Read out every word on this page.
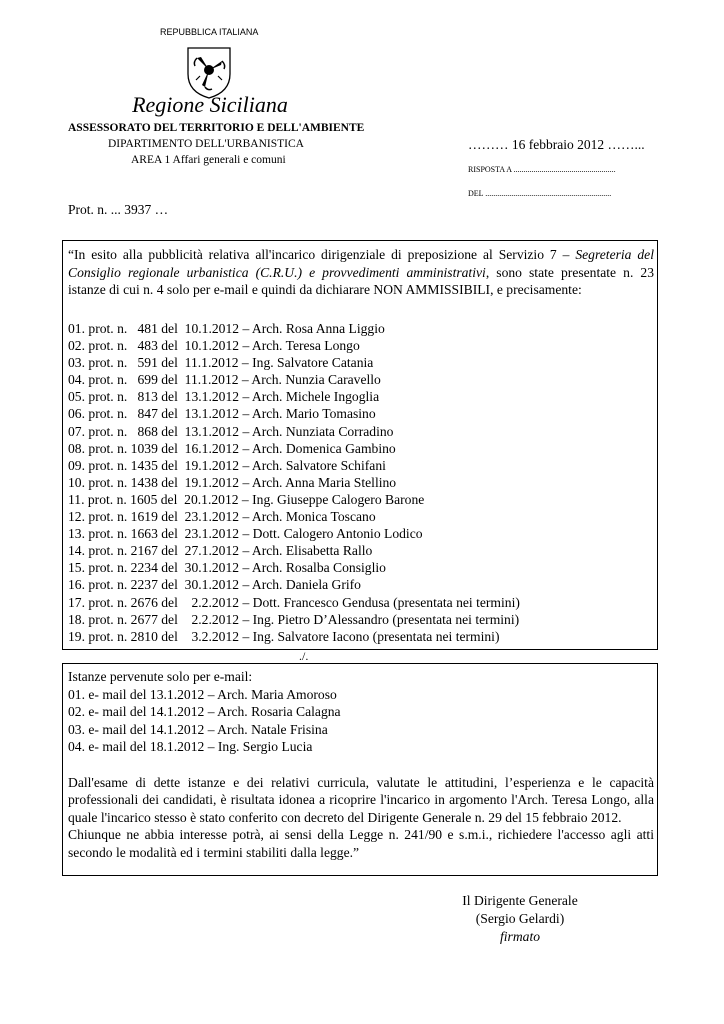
REPUBBLICA ITALIANA
Regione Siciliana
ASSESSORATO DEL TERRITORIO E DELL'AMBIENTE
DIPARTIMENTO DELL'URBANISTICA
AREA 1 Affari generali e comuni
……… 16 febbraio 2012 ……...
RISPOSTA A ...................................................
DEL ...............................................................
Prot. n. ... 3937 …
“In esito alla pubblicità relativa all'incarico dirigenziale di preposizione al Servizio 7 – Segreteria del Consiglio regionale urbanistica (C.R.U.) e provvedimenti amministrativi, sono state presentate n. 23 istanze di cui n. 4 solo per e-mail e quindi da dichiarare NON AMMISSIBILI, e precisamente:
01. prot. n.   481 del  10.1.2012 – Arch. Rosa Anna Liggio
02. prot. n.   483 del  10.1.2012 – Arch. Teresa Longo
03. prot. n.   591 del  11.1.2012 – Ing. Salvatore Catania
04. prot. n.   699 del  11.1.2012 – Arch. Nunzia Caravello
05. prot. n.   813 del  13.1.2012 – Arch. Michele Ingoglia
06. prot. n.   847 del  13.1.2012 – Arch. Mario Tomasino
07. prot. n.   868 del  13.1.2012 – Arch. Nunziata Corradino
08. prot. n. 1039 del  16.1.2012 – Arch. Domenica Gambino
09. prot. n. 1435 del  19.1.2012 – Arch. Salvatore Schifani
10. prot. n. 1438 del  19.1.2012 – Arch. Anna Maria Stellino
11. prot. n. 1605 del  20.1.2012 – Ing. Giuseppe Calogero Barone
12. prot. n. 1619 del  23.1.2012 – Arch. Monica Toscano
13. prot. n. 1663 del  23.1.2012 – Dott. Calogero Antonio Lodico
14. prot. n. 2167 del  27.1.2012 – Arch. Elisabetta Rallo
15. prot. n. 2234 del  30.1.2012 – Arch. Rosalba Consiglio
16. prot. n. 2237 del  30.1.2012 – Arch. Daniela Grifo
17. prot. n. 2676 del    2.2.2012 – Dott. Francesco Gendusa (presentata nei termini)
18. prot. n. 2677 del    2.2.2012 – Ing. Pietro D’Alessandro (presentata nei termini)
19. prot. n. 2810 del    3.2.2012 – Ing. Salvatore Iacono (presentata nei termini)
./.
Istanze pervenute solo per e-mail:
01. e- mail del 13.1.2012 – Arch. Maria Amoroso
02. e- mail del 14.1.2012 – Arch. Rosaria Calagna
03. e- mail del 14.1.2012 – Arch. Natale Frisina
04. e- mail del 18.1.2012 – Ing. Sergio Lucia
Dall'esame di dette istanze e dei relativi curricula, valutate le attitudini, l’esperienza e le capacità professionali dei candidati, è risultata idonea a ricoprire l'incarico in argomento l'Arch. Teresa Longo, alla quale l'incarico stesso è stato conferito con decreto del Dirigente Generale n. 29 del 15 febbraio 2012.
Chiunque ne abbia interesse potrà, ai sensi della Legge n. 241/90 e s.m.i., richiedere l'accesso agli atti secondo le modalità ed i termini stabiliti dalla legge.”
Il Dirigente Generale
(Sergio Gelardi)
firmato
